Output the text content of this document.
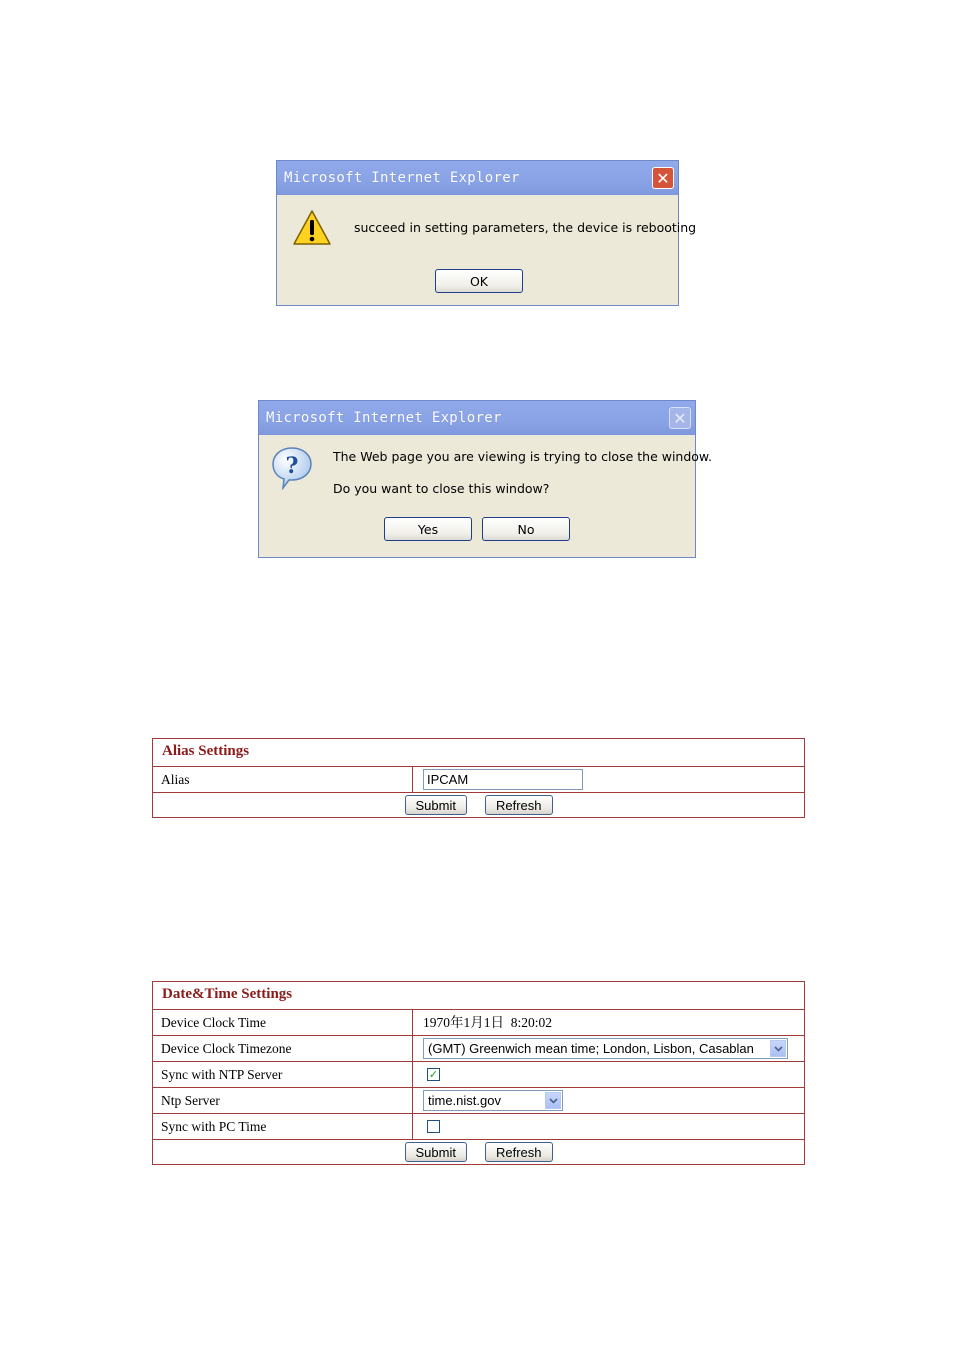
Microsoft Internet Explorer	✕
succeed in setting parameters, the device is rebooting
OK
Microsoft Internet Explorer	✕
?	The Web page you are viewing is trying to close the window.
Do you want to close this window?
Yes	No
Alias Settings
Alias	IPCAM
Submit	Refresh
Date&Time Settings
Device Clock Time	1970年1月1日  8:20:02
Device Clock Timezone	(GMT) Greenwich mean time; London, Lisbon, Casablan
Sync with NTP Server	✓
Ntp Server	time.nist.gov
Sync with PC Time
Submit	Refresh
